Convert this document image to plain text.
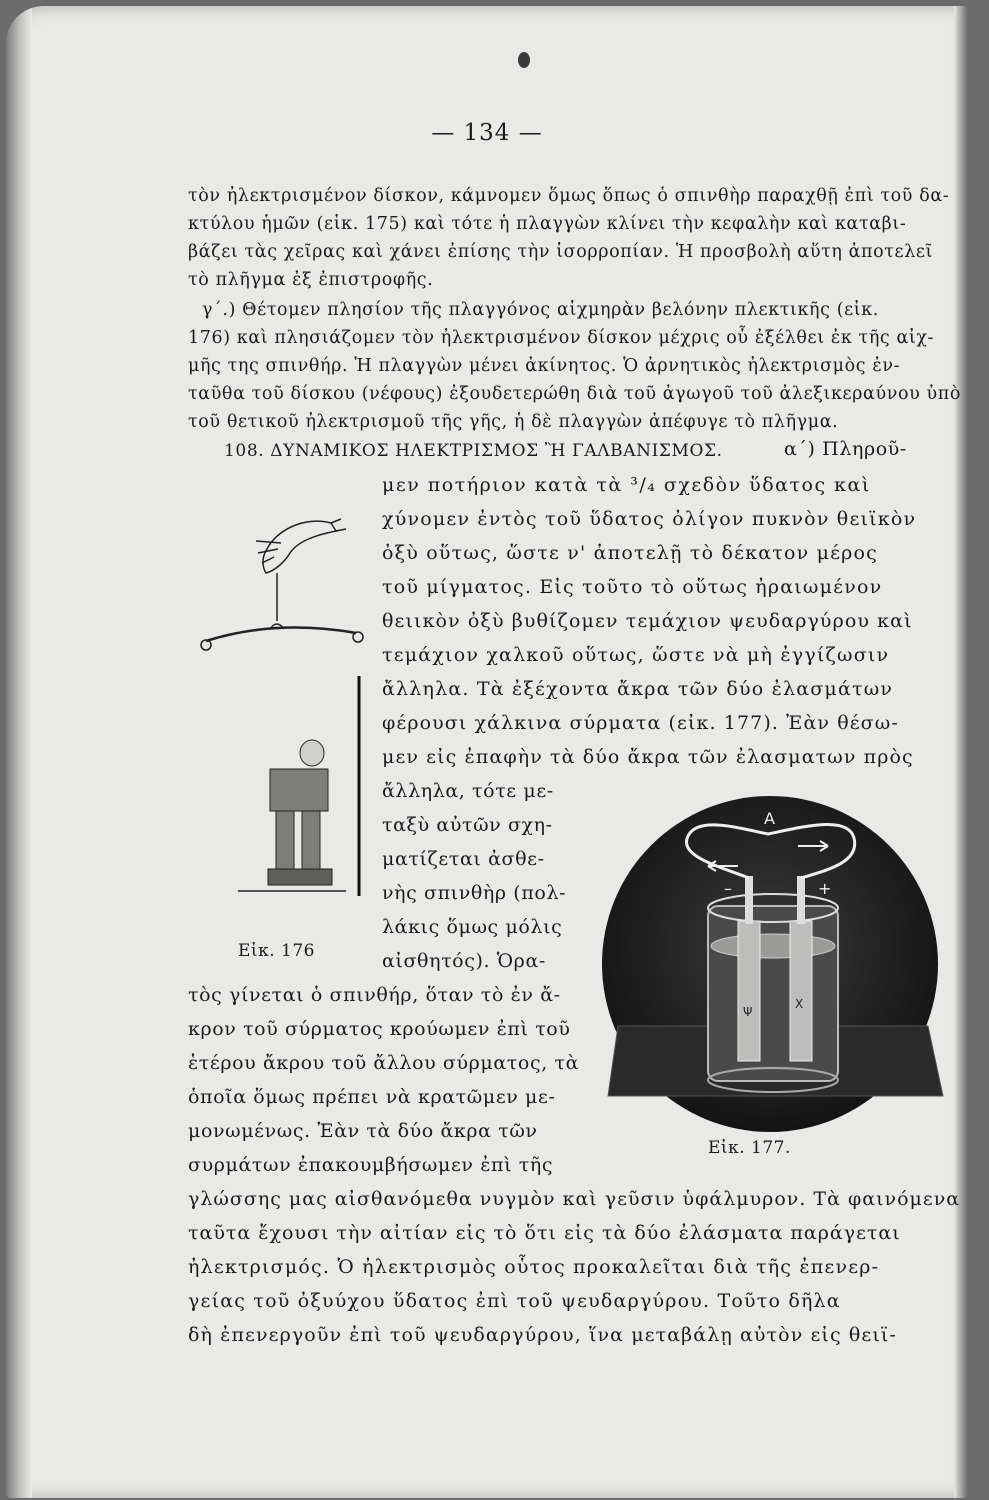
— 134 —
τὸν ἠλεκτρισμένον δίσκον, κάμνομεν ὅμως ὅπως ὁ σπινθὴρ παραχθῇ ἐπὶ τοῦ δα-
κτύλου ἡμῶν (εἰκ. 175) καὶ τότε ἡ πλαγγὼν κλίνει τὴν κεφαλὴν καὶ καταβι-
βάζει τὰς χεῖρας καὶ χάνει ἐπίσης τὴν ἰσορροπίαν. Ἡ προσβολὴ αὕτη ἀποτελεῖ
τὸ πλῆγμα ἐξ ἐπιστροφῆς.
γ΄.) Θέτομεν πλησίον τῆς πλαγγόνος αἰχμηρὰν βελόνην πλεκτικῆς (εἰκ.
176) καὶ πλησιάζομεν τὸν ἠλεκτρισμένον δίσκον μέχρις οὗ ἐξέλθει ἐκ τῆς αἰχ-
μῆς της σπινθήρ. Ἡ πλαγγὼν μένει ἀκίνητος. Ὁ ἀρνητικὸς ἠλεκτρισμὸς ἐν-
ταῦθα τοῦ δίσκου (νέφους) ἐξουδετερώθη διὰ τοῦ ἀγωγοῦ τοῦ ἀλεξικεραύνου ὑπὸ
τοῦ θετικοῦ ἠλεκτρισμοῦ τῆς γῆς, ἡ δὲ πλαγγὼν ἀπέφυγε τὸ πλῆγμα.
108. ΔΥΝΑΜΙΚΟΣ ΗΛΕΚΤΡΙΣΜΟΣ Ἢ ΓΑΛΒΑΝΙΣΜΟΣ.	α΄) Πληροῦ-
μεν ποτήριον κατὰ τὰ ³/₄ σχεδὸν ὕδατος καὶ
χύνομεν ἐντὸς τοῦ ὕδατος ὀλίγον πυκνὸν θειϊκὸν
ὀξὺ οὕτως, ὥστε ν' ἀποτελῇ τὸ δέκατον μέρος
τοῦ μίγματος. Εἰς τοῦτο τὸ οὕτως ἠραιωμένον
θειικὸν ὀξὺ βυθίζομεν τεμάχιον ψευδαργύρου καὶ
τεμάχιον χαλκοῦ οὕτως, ὥστε νὰ μὴ ἐγγίζωσιν
ἄλληλα. Τὰ ἐξέχοντα ἄκρα τῶν δύο ἐλασμάτων
φέρουσι χάλκινα σύρματα (εἰκ. 177). Ἐὰν θέσω-
μεν εἰς ἐπαφὴν τὰ δύο ἄκρα τῶν ἐλασματων πρὸς
ἄλληλα, τότε με-
ταξὺ αὐτῶν σχη-
ματίζεται ἀσθε-
νὴς σπινθὴρ (πολ-
λάκις ὅμως μόλις
αἰσθητός). Ὁρα-
τὸς γίνεται ὁ σπινθήρ, ὅταν τὸ ἐν ἄ-
κρον τοῦ σύρματος κρούωμεν ἐπὶ τοῦ
ἑτέρου ἄκρου τοῦ ἄλλου σύρματος, τὰ
ὁποῖα ὅμως πρέπει νὰ κρατῶμεν με-
μονωμένως. Ἐὰν τὰ δύο ἄκρα τῶν
συρμάτων ἐπακουμβήσωμεν ἐπὶ τῆς
γλώσσης μας αἰσθανόμεθα νυγμὸν καὶ γεῦσιν ὑφάλμυρον. Τὰ φαινόμενα
ταῦτα ἔχουσι τὴν αἰτίαν εἰς τὸ ὅτι εἰς τὰ δύο ἐλάσματα παράγεται
ἠλεκτρισμός. Ὁ ἠλεκτρισμὸς οὗτος προκαλεῖται διὰ τῆς ἐπενερ-
γείας τοῦ ὀξυύχου ὕδατος ἐπὶ τοῦ ψευδαργύρου. Τοῦτο δῆλα
δὴ ἐπενεργοῦν ἐπὶ τοῦ ψευδαργύρου, ἵνα μεταβάλῃ αὐτὸν εἰς θειϊ-
Εἰκ. 176
A
–	+
Ψ
Χ
Εἰκ. 177.
